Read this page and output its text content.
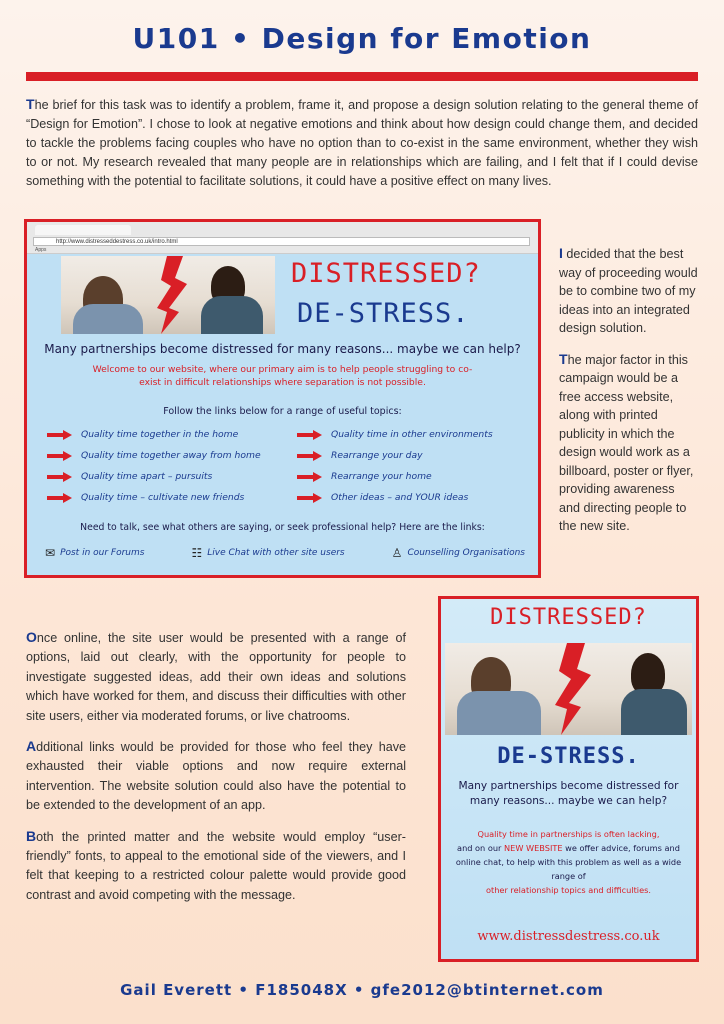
U101 • Design for Emotion

The brief for this task was to identify a problem, frame it, and propose a design solution relating to the general theme of “Design for Emotion”. I chose to look at negative emotions and think about how design could change them, and decided to tackle the problems facing couples who have no option than to co-exist in the same environment, whether they wish to or not. My research revealed that many people are in relationships which are failing, and I felt that if I could devise something with the potential to facilitate solutions, it could have a positive effect on many lives.

http://www.distresseddestress.co.uk/intro.html
Apps
DISTRESSED?
DE-STRESS.
Many partnerships become distressed for many reasons... maybe we can help?
Welcome to our website, where our primary aim is to help people struggling to co-exist in difficult relationships where separation is not possible.
Follow the links below for a range of useful topics:
Quality time together in the home	Quality time in other environments
Quality time together away from home	Rearrange your day
Quality time apart – pursuits	Rearrange your home
Quality time – cultivate new friends	Other ideas – and YOUR ideas
Need to talk, see what others are saying, or seek professional help? Here are the links:
✉ Post in our Forums	☷ Live Chat with other site users	♙ Counselling Organisations

I decided that the best way of proceeding would be to combine two of my ideas into an integrated design solution.

The major factor in this campaign would be a free access website, along with printed publicity in which the design would work as a billboard, poster or flyer, providing awareness and directing people to the new site.

DISTRESSED?
DE-STRESS.
Many partnerships become distressed for many reasons... maybe we can help?
Quality time in partnerships is often lacking,
and on our NEW WEBSITE we offer advice, forums and online chat, to help with this problem as well as a wide range of
other relationship topics and difficulties.
www.distressdestress.co.uk

Once online, the site user would be presented with a range of options, laid out clearly, with the opportunity for people to investigate suggested ideas, add their own ideas and solutions which have worked for them, and discuss their difficulties with other site users, either via moderated forums, or live chatrooms.

Additional links would be provided for those who feel they have exhausted their viable options and now require external intervention. The website solution could also have the potential to be extended to the development of an app.

Both the printed matter and the website would employ “user-friendly” fonts, to appeal to the emotional side of the viewers, and I felt that keeping to a restricted colour palette would provide good contrast and avoid competing with the message.

Gail Everett • F185048X • gfe2012@btinternet.com
